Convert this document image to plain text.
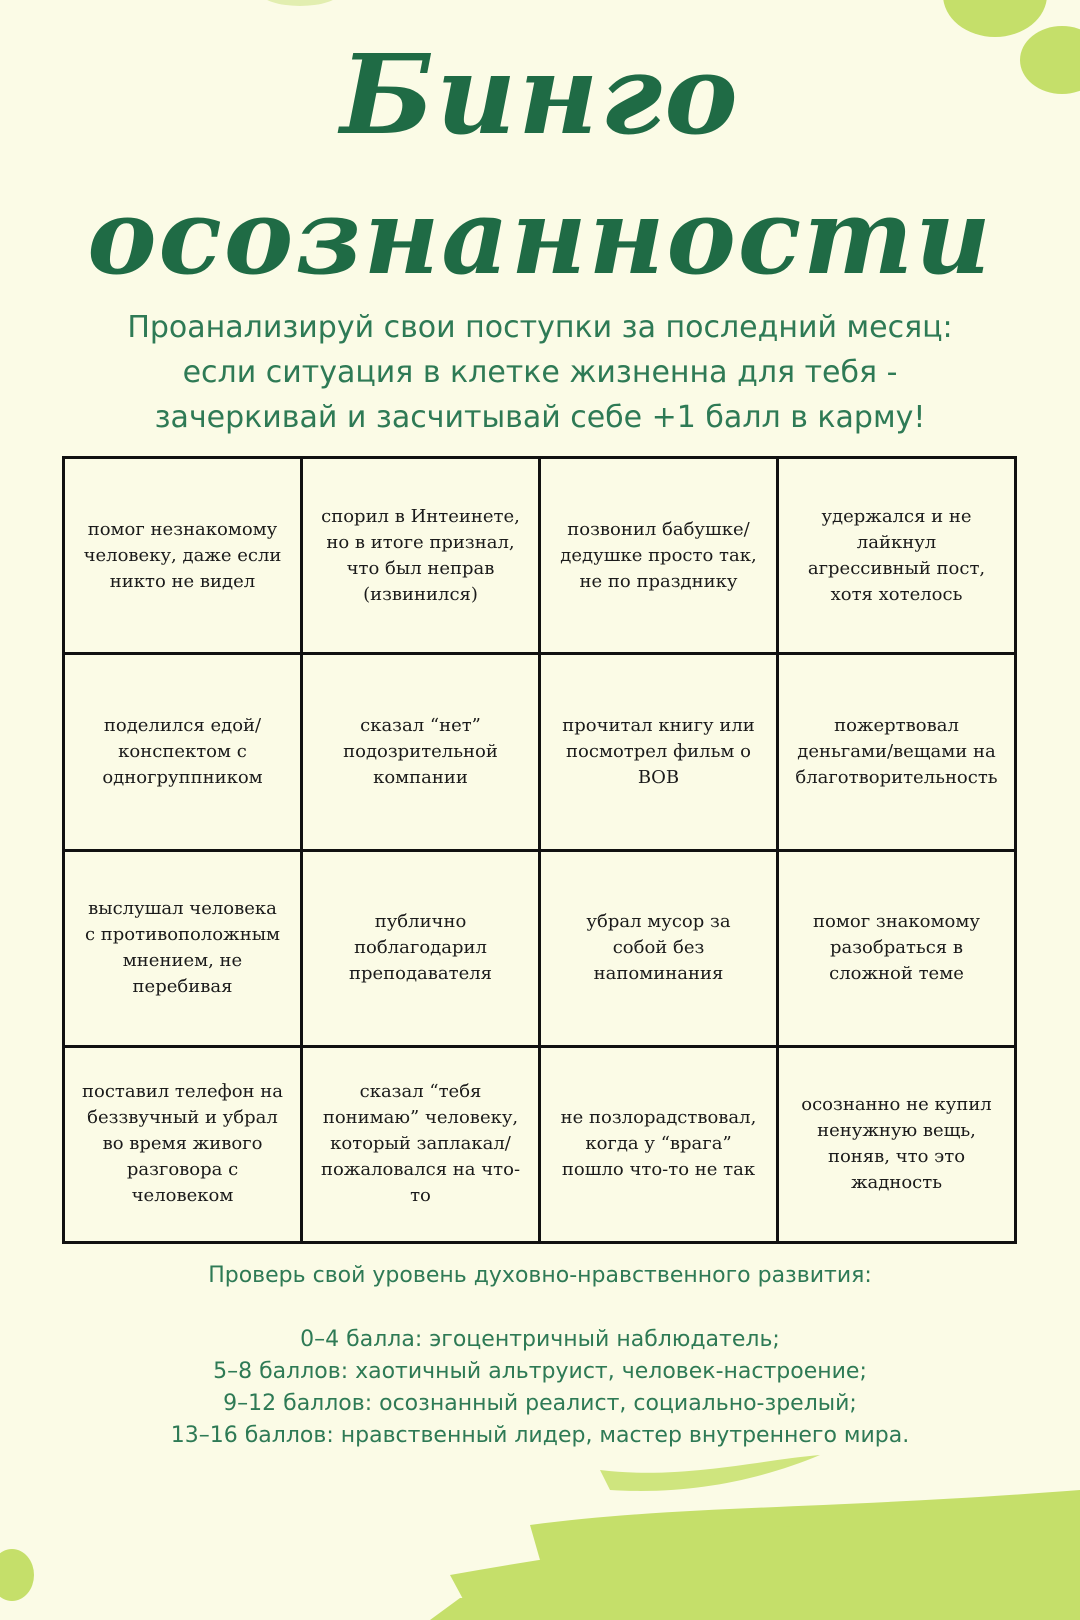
Бинго
осознанности
Проанализируй свои поступки за последний месяц:
если ситуация в клетке жизненна для тебя -
зачеркивай и засчитывай себе +1 балл в карму!
помог незнакомому человеку, даже если никто не видел	спорил в Интеинете, но в итоге признал, что был неправ (извинился)	позвонил бабушке/ дедушке просто так, не по празднику	удержался и не лайкнул агрессивный пост, хотя хотелось
поделился едой/ конспектом с одногруппником	сказал “нет” подозрительной компании	прочитал книгу или посмотрел фильм о ВОВ	пожертвовал деньгами/вещами на благотворительность
выслушал человека с противоположным мнением, не перебивая	публично поблагодарил преподавателя	убрал мусор за собой без напоминания	помог знакомому разобраться в сложной теме
поставил телефон на беззвучный и убрал во время живого разговора с человеком	сказал “тебя понимаю” человеку, который заплакал/ пожаловался на что-то	не позлорадствовал, когда у “врага” пошло что-то не так	осознанно не купил ненужную вещь, поняв, что это жадность
Проверь свой уровень духовно-нравственного развития:
0–4 балла: эгоцентричный наблюдатель;
5–8 баллов: хаотичный альтруист, человек-настроение;
9–12 баллов: осознанный реалист, социально-зрелый;
13–16 баллов: нравственный лидер, мастер внутреннего мира.
